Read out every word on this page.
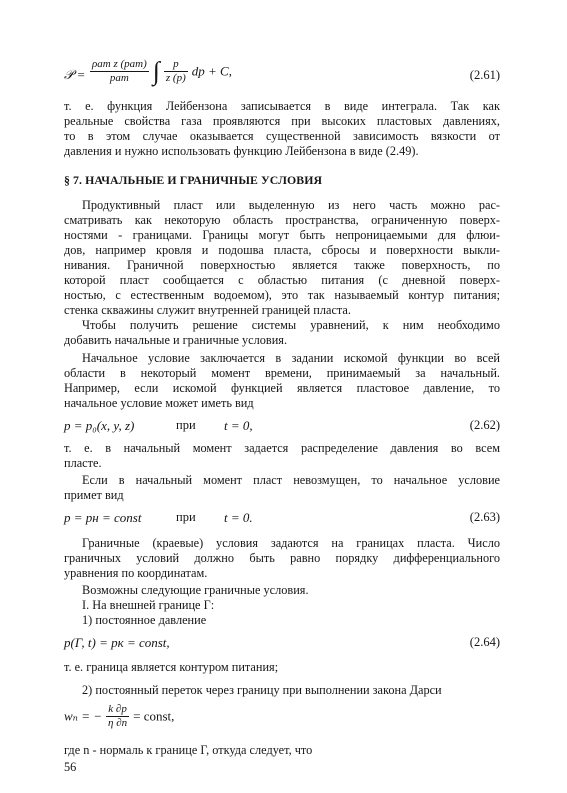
𝒫 = $\frac{\text{ρат z (pат)}}{\text{pат}}$ ∫ $\frac{p}{z (p)}$ dp + C,	(2.61)
т. е. функция Лейбензона записывается в виде интеграла. Так как
реальные свойства газа проявляются при высоких пластовых давлениях,
то в этом случае оказывается существенной зависимость вязкости от
давления и нужно использовать функцию Лейбензона в виде (2.49).
§ 7. НАЧАЛЬНЫЕ И ГРАНИЧНЫЕ УСЛОВИЯ
Продуктивный пласт или выделенную из него часть можно рас-
сматривать как некоторую область пространства, ограниченную поверх-
ностями - границами. Границы могут быть непроницаемыми для флюи-
дов, например кровля и подошва пласта, сбросы и поверхности выкли-
нивания. Граничной поверхностью является также поверхность, по
которой пласт сообщается с областью питания (с дневной поверх-
ностью, с естественным водоемом), это так называемый контур питания;
стенка скважины служит внутренней границей пласта.
Чтобы получить решение системы уравнений, к ним необходимо
добавить начальные и граничные условия.
Начальное условие заключается в задании искомой функции во всей
области в некоторый момент времени, принимаемый за начальный.
Например, если искомой функцией является пластовое давление, то
начальное условие может иметь вид
p = p₀(x, y, z)	при t = 0,	(2.62)
т. е. в начальный момент задается распределение давления во всем
пласте.
Если в начальный момент пласт невозмущен, то начальное условие
примет вид
p = pн = const	при t = 0.	(2.63)
Граничные (краевые) условия задаются на границах пласта. Число
граничных условий должно быть равно порядку дифференциального
уравнения по координатам.
Возможны следующие граничные условия.
I. На внешней границе Г:
1) постоянное давление
p(Г, t) = pк = const,	(2.64)
т. е. граница является контуром питания;
2) постоянный переток через границу при выполнении закона Дарси
wₙ = − $\frac{k \partial p}{\eta \partial n}$ = const,
где n - нормаль к границе Г, откуда следует, что
56
